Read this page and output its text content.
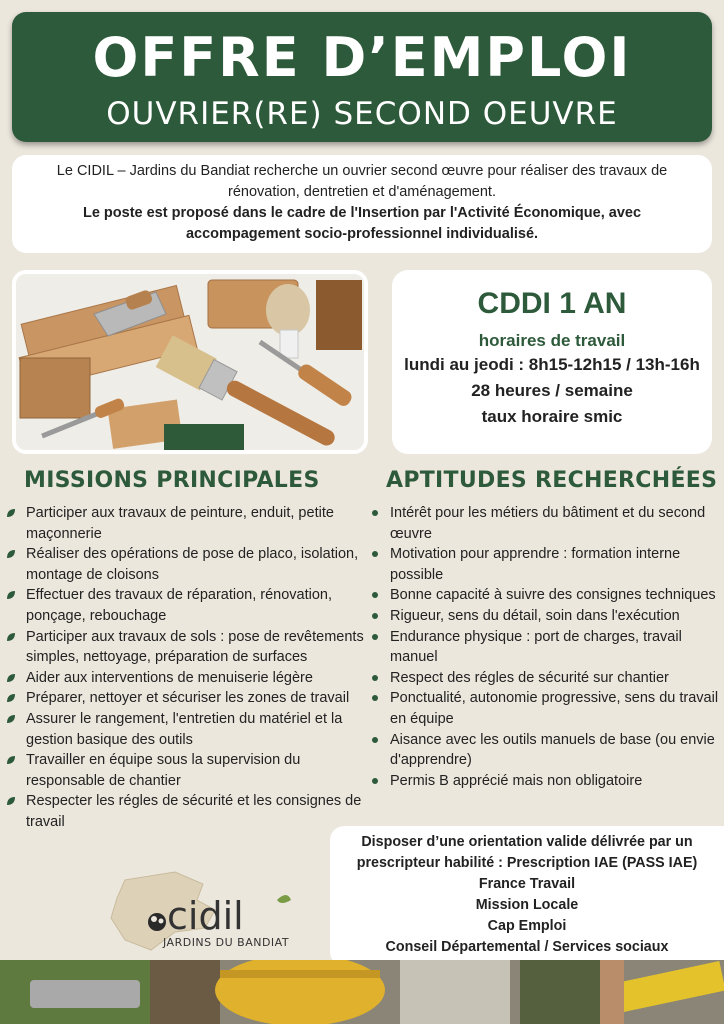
OFFRE D’EMPLOI
OUVRIER(RE) SECOND OEUVRE
Le CIDIL – Jardins du Bandiat recherche un ouvrier second œuvre pour réaliser des travaux de rénovation, dentretien et d'aménagement.
Le poste est proposé dans le cadre de l'Insertion par l'Activité Économique, avec accompagement socio-professionnel individualisé.
CDDI 1 AN
horaires de travail
lundi au jeodi : 8h15-12h15 / 13h-16h
28 heures / semaine
taux horaire smic
MISSIONS PRINCIPALES	APTITUDES RECHERCHÉES
Participer aux travaux de peinture, enduit, petite maçonnerie
Réaliser des opérations de pose de placo, isolation, montage de cloisons
Effectuer des travaux de réparation, rénovation, ponçage, rebouchage
Participer aux travaux de sols : pose de revêtements simples, nettoyage, préparation de surfaces
Aider aux interventions de menuiserie légère
Préparer, nettoyer et sécuriser les zones de travail
Assurer le rangement, l'entretien du matériel et la gestion basique des outils
Travailler en équipe sous la supervision du responsable de chantier
Respecter les régles de sécurité et les consignes de travail
Intérêt pour les métiers du bâtiment et du second œuvre
Motivation pour apprendre : formation interne possible
Bonne capacité à suivre des consignes techniques
Rigueur, sens du détail, soin dans l'exécution
Endurance physique : port de charges, travail manuel
Respect des régles de sécurité sur chantier
Ponctualité, autonomie progressive, sens du travail en équipe
Aisance avec les outils manuels de base (ou envie d'apprendre)
Permis B apprécié mais non obligatoire
cidil
JARDINS DU BANDIAT
Disposer d’une orientation valide délivrée par un prescripteur habilité : Prescription IAE (PASS IAE)
France Travail
Mission Locale
Cap Emploi
Conseil Départemental / Services sociaux
